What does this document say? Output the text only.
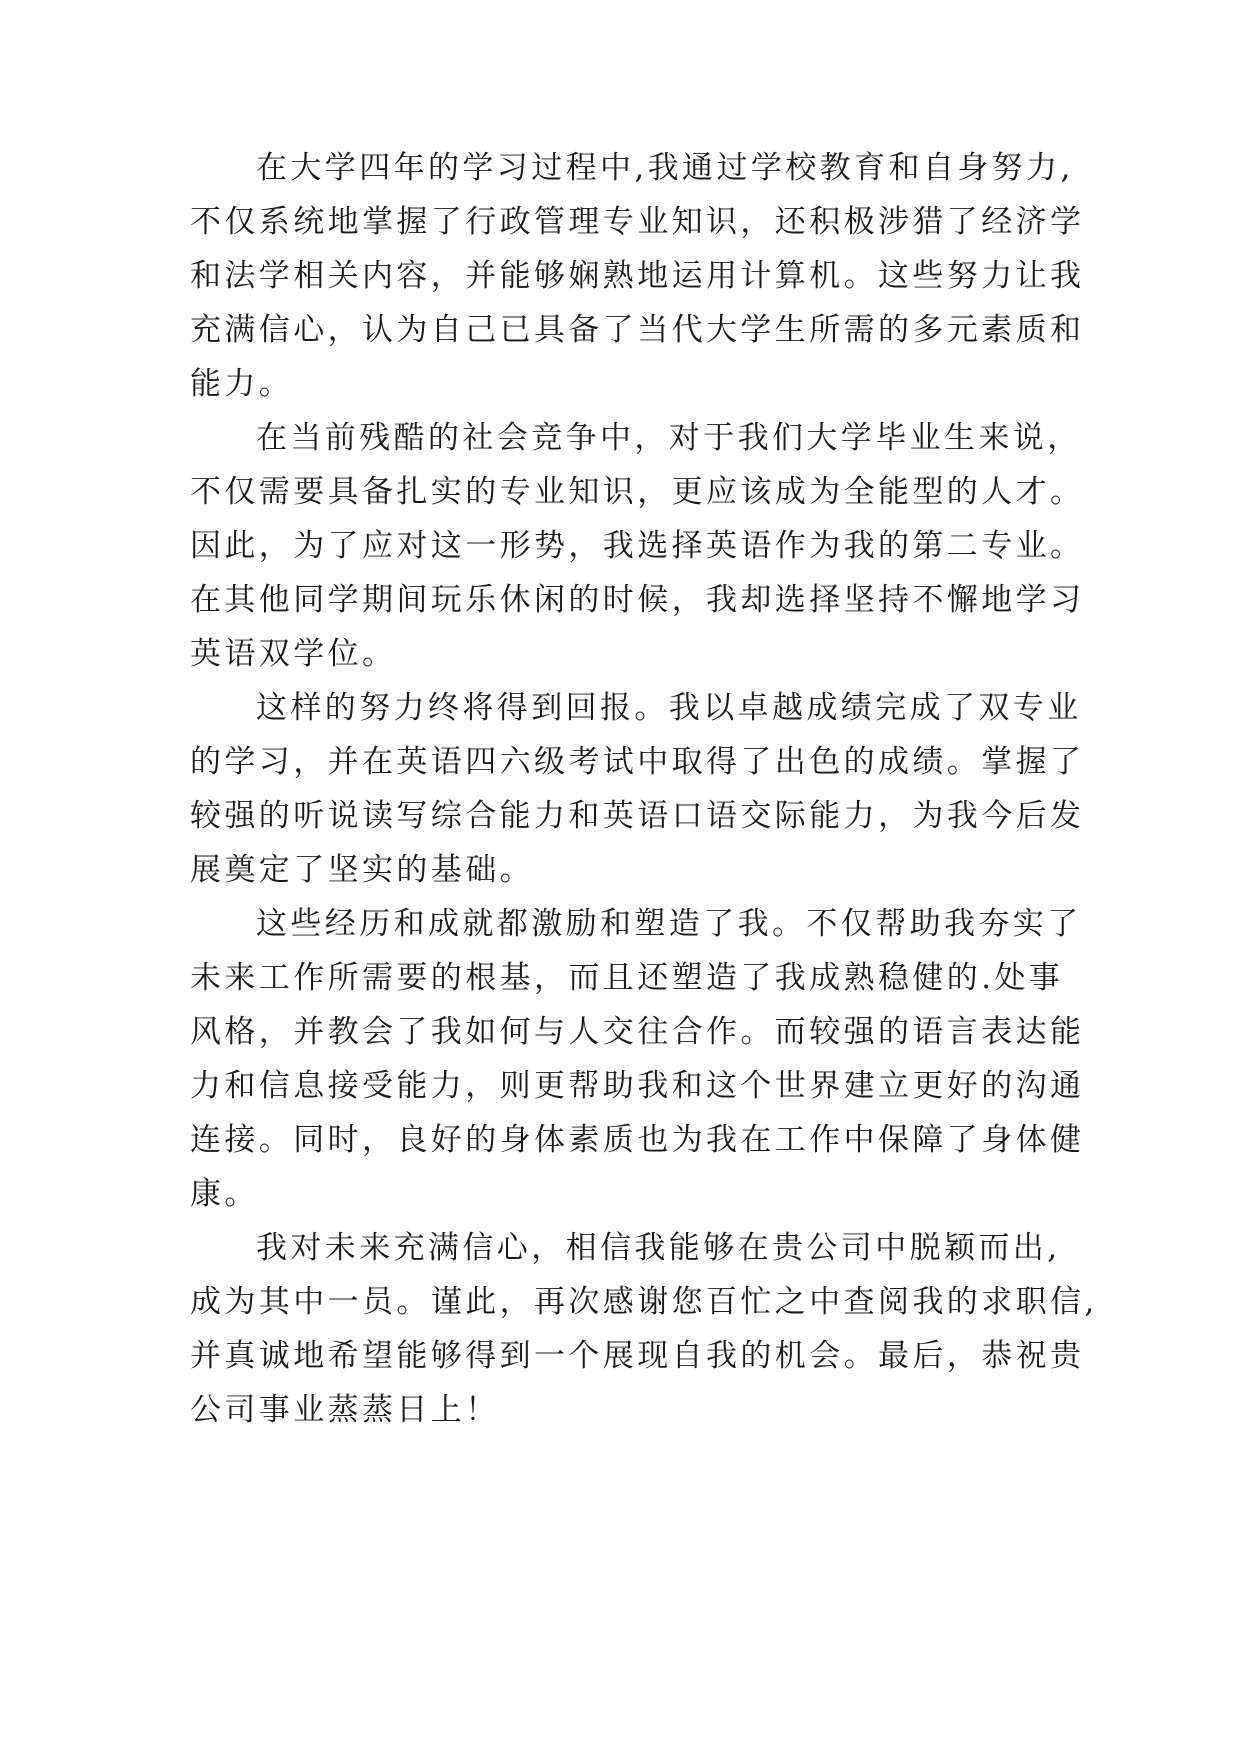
在大学四年的学习过程中,我通过学校教育和自身努力,
不仅系统地掌握了行政管理专业知识，还积极涉猎了经济学
和法学相关内容，并能够娴熟地运用计算机。这些努力让我
充满信心，认为自己已具备了当代大学生所需的多元素质和
能力。
在当前残酷的社会竞争中，对于我们大学毕业生来说，
不仅需要具备扎实的专业知识，更应该成为全能型的人才。
因此，为了应对这一形势，我选择英语作为我的第二专业。
在其他同学期间玩乐休闲的时候，我却选择坚持不懈地学习
英语双学位。
这样的努力终将得到回报。我以卓越成绩完成了双专业
的学习，并在英语四六级考试中取得了出色的成绩。掌握了
较强的听说读写综合能力和英语口语交际能力，为我今后发
展奠定了坚实的基础。
这些经历和成就都激励和塑造了我。不仅帮助我夯实了
未来工作所需要的根基，而且还塑造了我成熟稳健的.处事
风格，并教会了我如何与人交往合作。而较强的语言表达能
力和信息接受能力，则更帮助我和这个世界建立更好的沟通
连接。同时，良好的身体素质也为我在工作中保障了身体健
康。
我对未来充满信心，相信我能够在贵公司中脱颖而出,
成为其中一员。谨此，再次感谢您百忙之中查阅我的求职信,
并真诚地希望能够得到一个展现自我的机会。最后，恭祝贵
公司事业蒸蒸日上！
